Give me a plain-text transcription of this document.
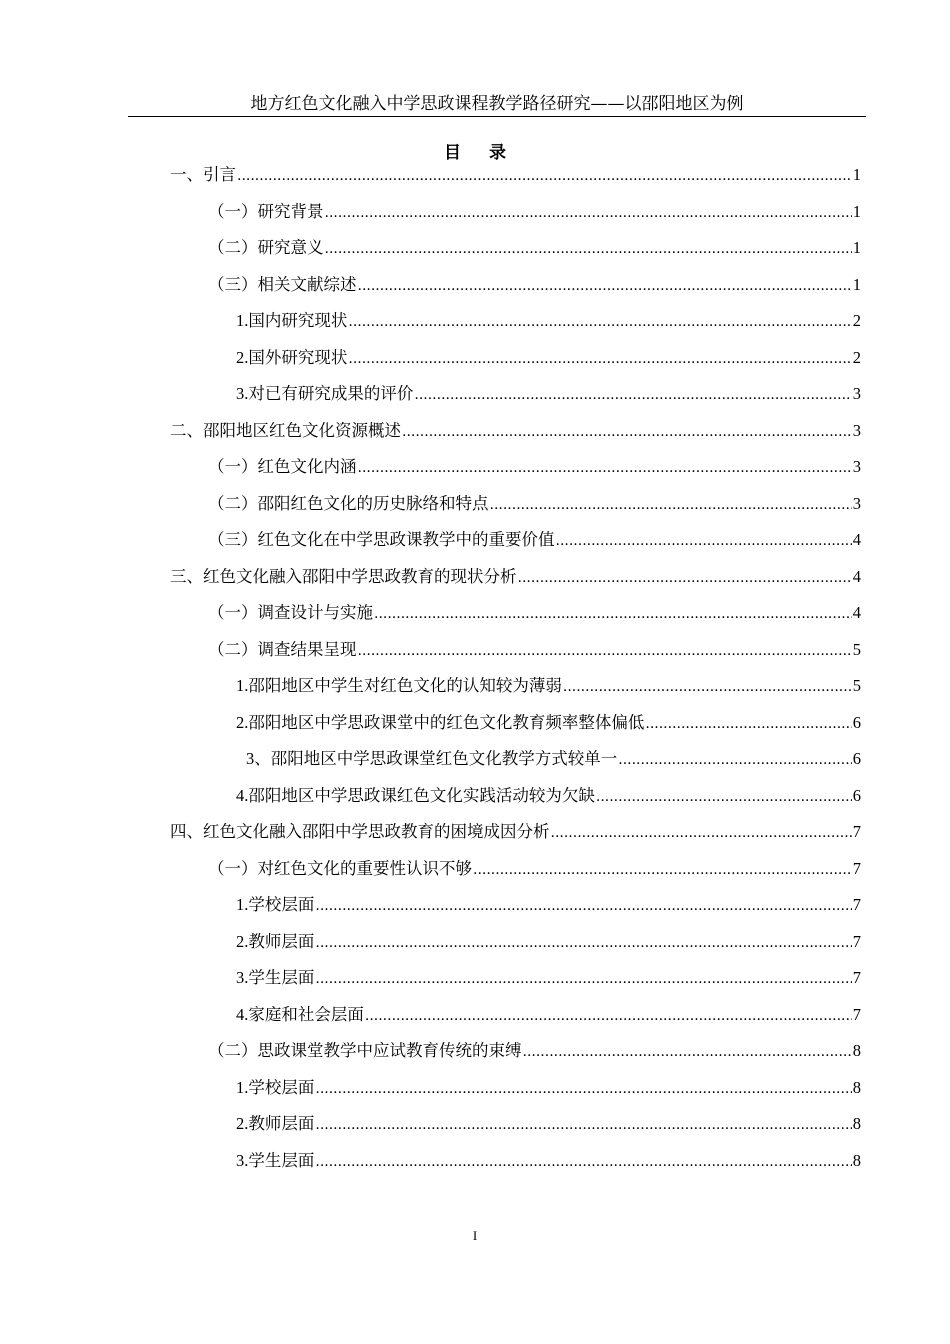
地方红色文化融入中学思政课程教学路径研究——以邵阳地区为例
目 录
一、引言 .....	1
（一）研究背景 .....	1
（二）研究意义 .....	1
（三）相关文献综述 .....	1
1.国内研究现状 .....	2
2.国外研究现状 .....	2
3.对已有研究成果的评价 .....	3
二、邵阳地区红色文化资源概述 .....	3
（一）红色文化内涵 .....	3
（二）邵阳红色文化的历史脉络和特点 .....	3
（三）红色文化在中学思政课教学中的重要价值 .....	4
三、红色文化融入邵阳中学思政教育的现状分析 .....	4
（一）调查设计与实施 .....	4
（二）调查结果呈现 .....	5
1.邵阳地区中学生对红色文化的认知较为薄弱 .....	5
2.邵阳地区中学思政课堂中的红色文化教育频率整体偏低 .....	6
3、邵阳地区中学思政课堂红色文化教学方式较单一 .....	6
4.邵阳地区中学思政课红色文化实践活动较为欠缺 .....	6
四、红色文化融入邵阳中学思政教育的困境成因分析 .....	7
（一）对红色文化的重要性认识不够 .....	7
1.学校层面 .....	7
2.教师层面 .....	7
3.学生层面 .....	7
4.家庭和社会层面 .....	7
（二）思政课堂教学中应试教育传统的束缚 .....	8
1.学校层面 .....	8
2.教师层面 .....	8
3.学生层面 .....	8
I
